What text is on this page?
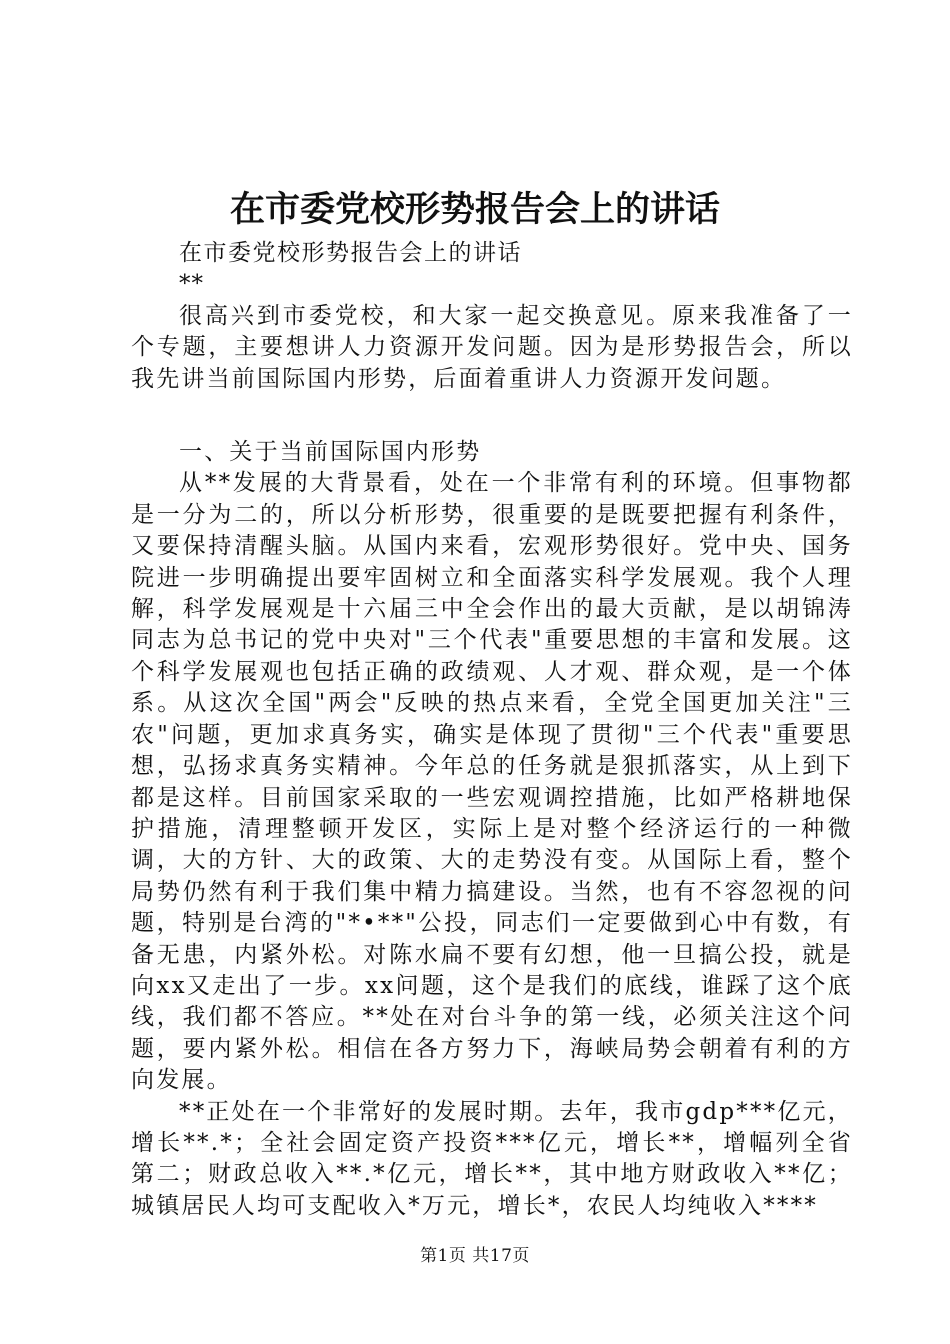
在市委党校形势报告会上的讲话

在市委党校形势报告会上的讲话

**

很高兴到市委党校，和大家一起交换意见。原来我准备了一个专题，主要想讲人力资源开发问题。因为是形势报告会，所以我先讲当前国际国内形势，后面着重讲人力资源开发问题。

一、关于当前国际国内形势

从**发展的大背景看，处在一个非常有利的环境。但事物都是一分为二的，所以分析形势，很重要的是既要把握有利条件，又要保持清醒头脑。从国内来看，宏观形势很好。党中央、国务院进一步明确提出要牢固树立和全面落实科学发展观。我个人理解，科学发展观是十六届三中全会作出的最大贡献，是以胡锦涛同志为总书记的党中央对"三个代表"重要思想的丰富和发展。这个科学发展观也包括正确的政绩观、人才观、群众观，是一个体系。从这次全国"两会"反映的热点来看，全党全国更加关注"三农"问题，更加求真务实，确实是体现了贯彻"三个代表"重要思想，弘扬求真务实精神。今年总的任务就是狠抓落实，从上到下都是这样。目前国家采取的一些宏观调控措施，比如严格耕地保护措施，清理整顿开发区，实际上是对整个经济运行的一种微调，大的方针、大的政策、大的走势没有变。从国际上看，整个局势仍然有利于我们集中精力搞建设。当然，也有不容忽视的问题，特别是台湾的"*•**"公投，同志们一定要做到心中有数，有备无患，内紧外松。对陈水扁不要有幻想，他一旦搞公投，就是向xx又走出了一步。xx问题，这个是我们的底线，谁踩了这个底线，我们都不答应。**处在对台斗争的第一线，必须关注这个问题，要内紧外松。相信在各方努力下，海峡局势会朝着有利的方向发展。

**正处在一个非常好的发展时期。去年，我市gdp***亿元，增长**.*；全社会固定资产投资***亿元，增长**，增幅列全省第二；财政总收入**.*亿元，增长**，其中地方财政收入**亿；城镇居民人均可支配收入*万元，增长*，农民人均纯收入****

第1页 共17页
